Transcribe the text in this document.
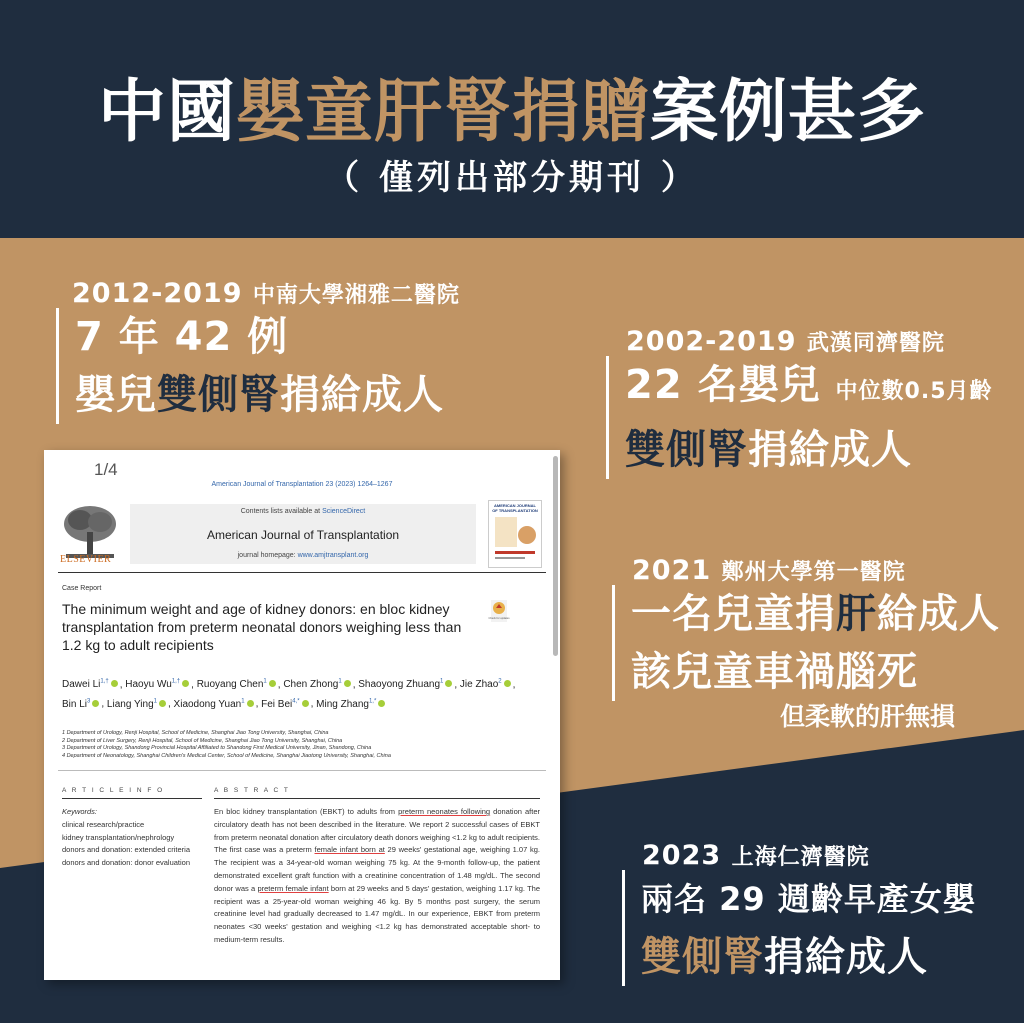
中國嬰童肝腎捐贈案例甚多
（ 僅列出部分期刊 ）
2012-2019 中南大學湘雅二醫院
7 年 42 例
嬰兒雙側腎捐給成人
2002-2019 武漢同濟醫院
22 名嬰兒 中位數0.5月齡
雙側腎捐給成人
2021 鄭州大學第一醫院
一名兒童捐肝給成人
該兒童車禍腦死
但柔軟的肝無損
2023 上海仁濟醫院
兩名 29 週齡早產女嬰
雙側腎捐給成人
1/4
American Journal of Transplantation 23 (2023) 1264–1267
ELSEVIER
Contents lists available at ScienceDirect
American Journal of Transplantation
journal homepage: www.amjtransplant.org
AMERICAN JOURNAL OF TRANSPLANTATION
Case Report
The minimum weight and age of kidney donors: en bloc kidney transplantation from preterm neonatal donors weighing less than 1.2 kg to adult recipients
Check for updates
Dawei $Li^{1,\dagger}$ , Haoyu $Wu^{1,\dagger}$ , Ruoyang Chen$^1$ , Chen Zhong$^1$ , Shaoyong Zhuang$^1$ , Jie Zhao$^2$ , Bin Li$^3$ , Liang Ying$^1$ , Xiaodong Yuan$^1$ , Fei Bei$^{4,*}$ , Ming Zhang$^{1,*}$
1 Department of Urology, Renji Hospital, School of Medicine, Shanghai Jiao Tong University, Shanghai, China
2 Department of Liver Surgery, Renji Hospital, School of Medicine, Shanghai Jiao Tong University, Shanghai, China
3 Department of Urology, Shandong Provincial Hospital Affiliated to Shandong First Medical University, Jinan, Shandong, China
4 Department of Neonatology, Shanghai Children's Medical Center, School of Medicine, Shanghai Jiaotong University, Shanghai, China
A R T I C L E I N F O	A B S T R A C T
Keywords:
clinical research/practice
kidney transplantation/nephrology
donors and donation: extended criteria
donors and donation: donor evaluation
En bloc kidney transplantation (EBKT) to adults from preterm neonates following donation after circulatory death has not been described in the literature. We report 2 successful cases of EBKT from preterm neonatal donation after circulatory death donors weighing <1.2 kg to adult recipients. The first case was a preterm female infant born at 29 weeks' gestational age, weighing 1.07 kg. The recipient was a 34-year-old woman weighing 75 kg. At the 9-month follow-up, the patient demonstrated excellent graft function with a creatinine concentration of 1.48 mg/dL. The second donor was a preterm female infant born at 29 weeks and 5 days' gestation, weighing 1.17 kg. The recipient was a 25-year-old woman weighing 46 kg. By 5 months post surgery, the serum creatinine level had gradually decreased to 1.47 mg/dL. In our experience, EBKT from preterm neonates <30 weeks' gestation and weighing <1.2 kg has demonstrated acceptable short- to medium-term results.
